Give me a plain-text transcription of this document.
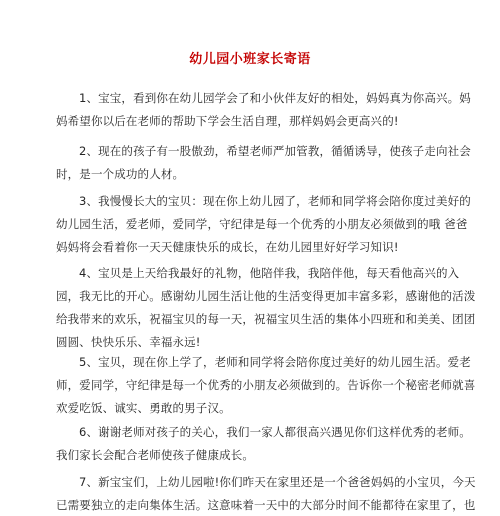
幼儿园小班家长寄语
1、宝宝，看到你在幼儿园学会了和小伙伴友好的相处，妈妈真为你高兴。妈
妈希望你以后在老师的帮助下学会生活自理，那样妈妈会更高兴的!
2、现在的孩子有一股傲劲，希望老师严加管教，循循诱导，使孩子走向社会
时，是一个成功的人材。
3、我慢慢长大的宝贝：现在你上幼儿园了，老师和同学将会陪你度过美好的
幼儿园生活，爱老师，爱同学，守纪律是每一个优秀的小朋友必须做到的哦 爸爸
妈妈将会看着你一天天健康快乐的成长，在幼儿园里好好学习知识!
4、宝贝是上天给我最好的礼物，他陪伴我，我陪伴他，每天看他高兴的入
园，我无比的开心。感谢幼儿园生活让他的生活变得更加丰富多彩，感谢他的活泼
给我带来的欢乐，祝福宝贝的每一天，祝福宝贝生活的集体小四班和和美美、团团
圆圆、快快乐乐、幸福永远!
5、宝贝，现在你上学了，老师和同学将会陪你度过美好的幼儿园生活。爱老
师，爱同学，守纪律是每一个优秀的小朋友必须做到的。告诉你一个秘密老师就喜
欢爱吃饭、诚实、勇敢的男子汉。
6、谢谢老师对孩子的关心，我们一家人都很高兴遇见你们这样优秀的老师。
我们家长会配合老师使孩子健康成长。
7、新宝宝们，上幼儿园啦!你们昨天在家里还是一个爸爸妈妈的小宝贝，今天
已需要独立的走向集体生活。这意味着一天中的大部分时间不能都待在家里了，也
